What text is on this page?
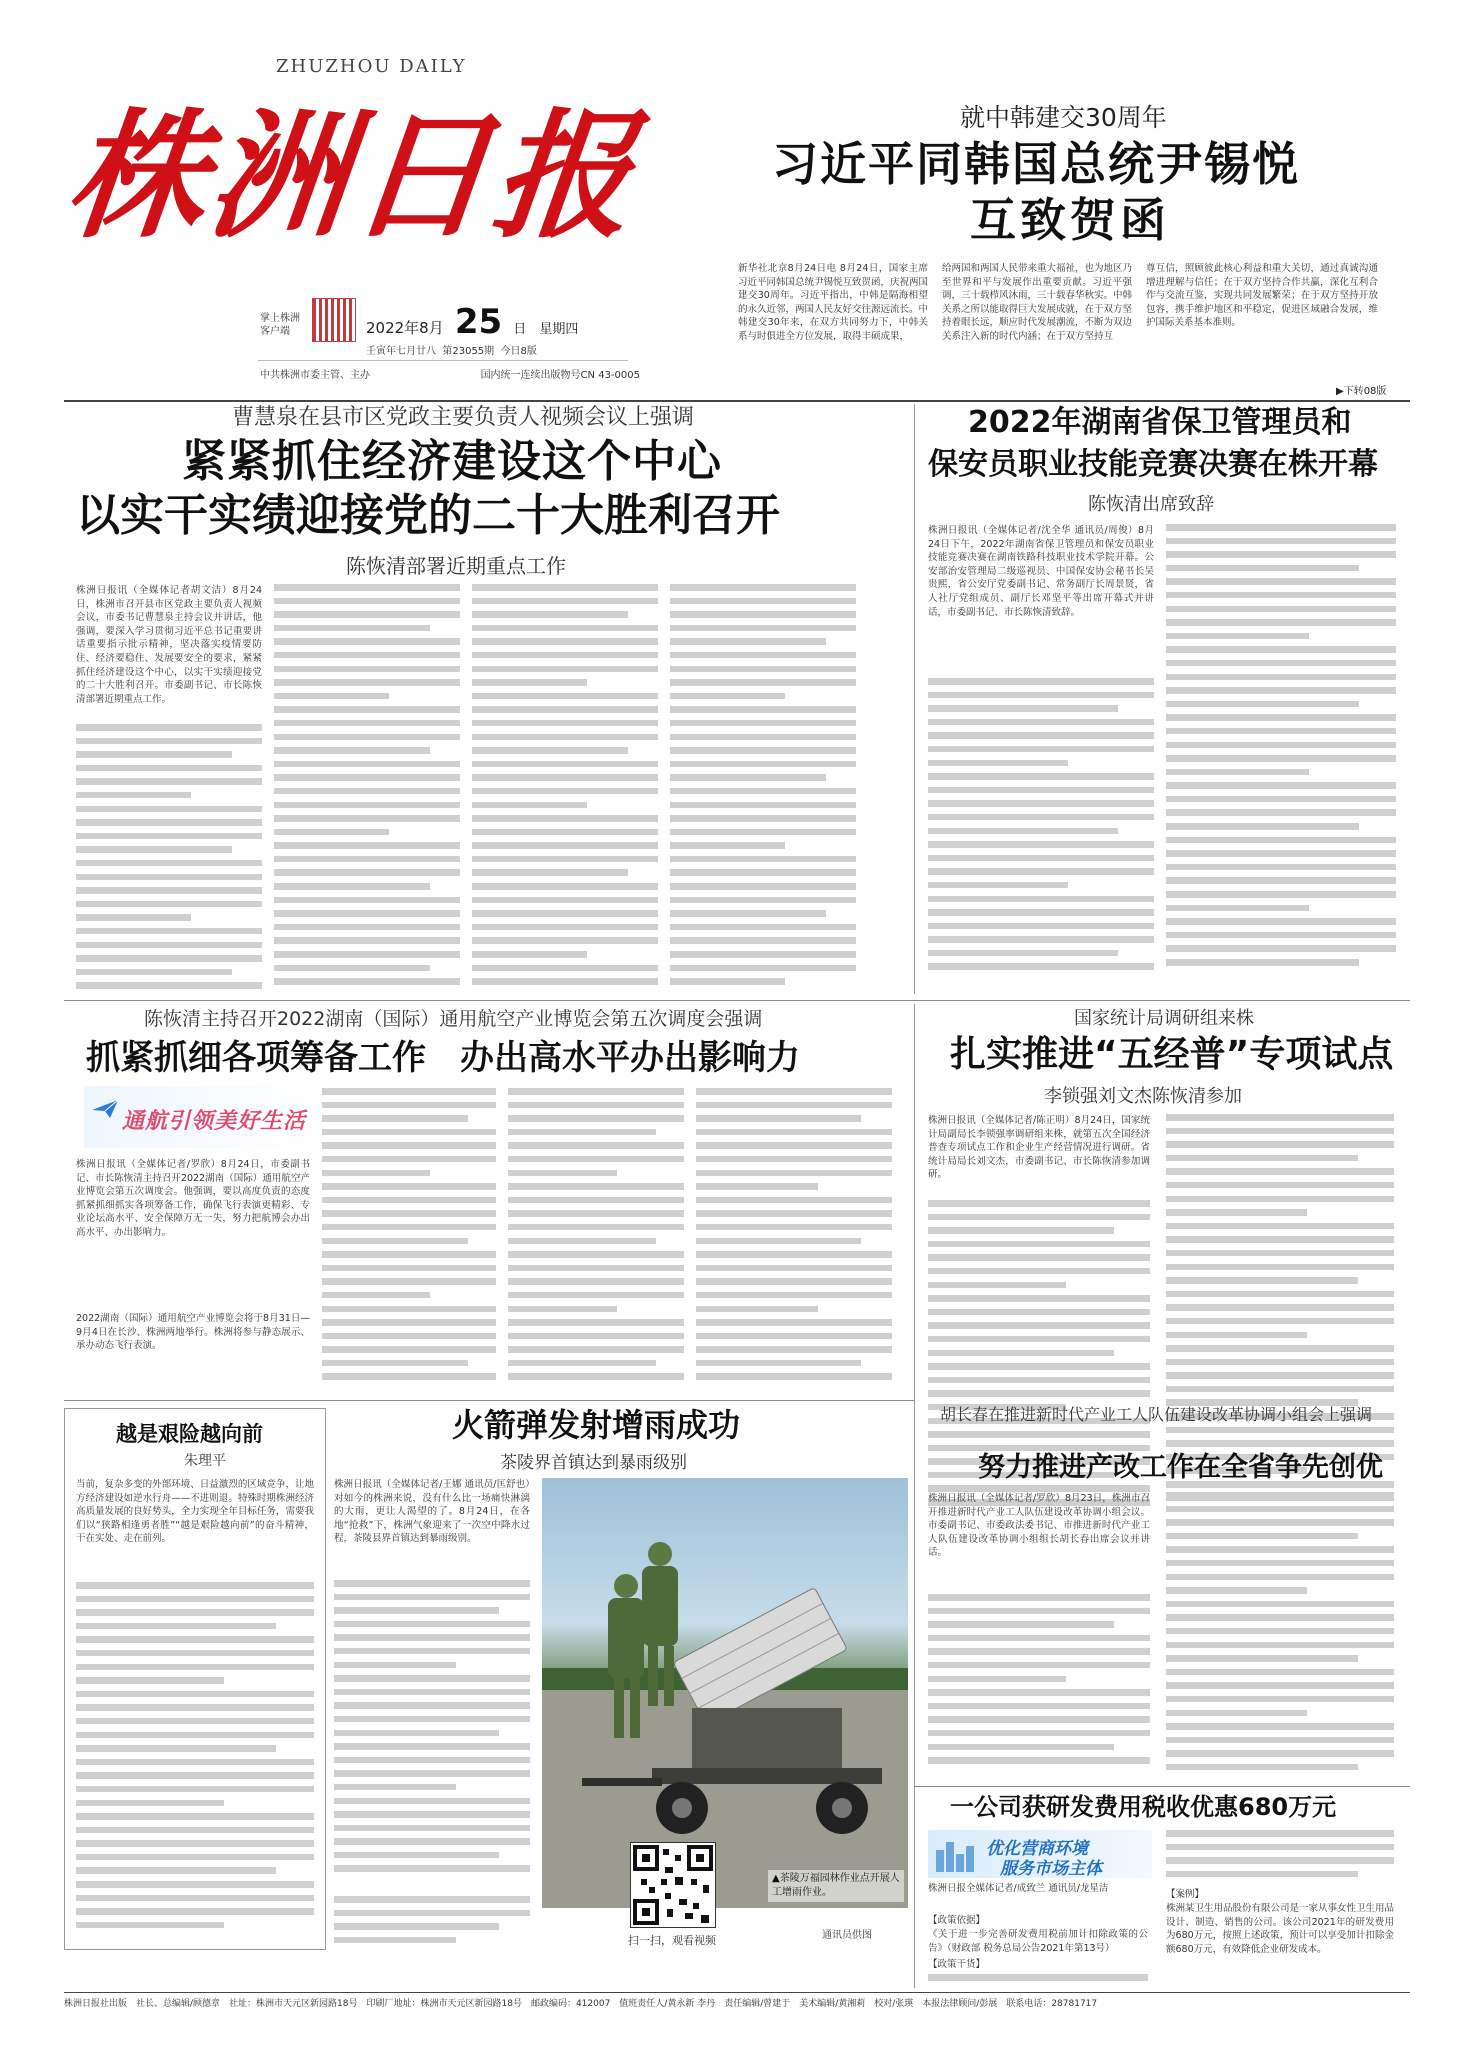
ZHUZHOU DAILY
株洲日报
掌上株洲
客户端	2022年8月 25 日 星期四
壬寅年七月廿八 第23055期 今日8版
中共株洲市委主管、主办	国内统一连续出版物号CN 43-0005
就中韩建交30周年
习近平同韩国总统尹锡悦
互致贺函
新华社北京8月24日电 8月24日，国家主席习近平同韩国总统尹锡悦互致贺函，庆祝两国建交30周年。习近平指出，中韩是隔海相望的永久近邻，两国人民友好交往源远流长。中韩建交30年来，在双方共同努力下，中韩关系与时俱进全方位发展，取得丰硕成果，
给两国和两国人民带来重大福祉，也为地区乃至世界和平与发展作出重要贡献。习近平强调，三十载栉风沐雨，三十载春华秋实。中韩关系之所以能取得巨大发展成就，在于双方坚持着眼长远，顺应时代发展潮流，不断为双边关系注入新的时代内涵；在于双方坚持互
尊互信，照顾彼此核心利益和重大关切，通过真诚沟通增进理解与信任；在于双方坚持合作共赢，深化互利合作与交流互鉴，实现共同发展繁荣；在于双方坚持开放包容，携手维护地区和平稳定，促进区域融合发展，维护国际关系基本准则。
▶下转08版
曹慧泉在县市区党政主要负责人视频会议上强调
紧紧抓住经济建设这个中心
以实干实绩迎接党的二十大胜利召开
陈恢清部署近期重点工作
株洲日报讯（全媒体记者胡文洁）8月24日，株洲市召开县市区党政主要负责人视频会议，市委书记曹慧泉主持会议并讲话，他强调，要深入学习贯彻习近平总书记重要讲话重要指示批示精神，坚决落实疫情要防住、经济要稳住、发展要安全的要求，紧紧抓住经济建设这个中心，以实干实绩迎接党的二十大胜利召开。市委副书记、市长陈恢清部署近期重点工作。
2022年湖南省保卫管理员和
保安员职业技能竞赛决赛在株开幕
陈恢清出席致辞
株洲日报讯（全媒体记者/沈全华 通讯员/周俊）8月24日下午，2022年湖南省保卫管理员和保安员职业技能竞赛决赛在湖南铁路科技职业技术学院开幕。公安部治安管理局二级巡视员、中国保安协会秘书长吴贵熙，省公安厅党委副书记、常务副厅长周景贤，省人社厅党组成员、副厅长邓坚平等出席开幕式并讲话，市委副书记、市长陈恢清致辞。
国家统计局调研组来株
扎实推进“五经普”专项试点
李锁强刘文杰陈恢清参加
株洲日报讯（全媒体记者/陈正明）8月24日，国家统计局副局长李锁强率调研组来株，就第五次全国经济普查专项试点工作和企业生产经营情况进行调研。省统计局局长刘文杰，市委副书记、市长陈恢清参加调研。
陈恢清主持召开2022湖南（国际）通用航空产业博览会第五次调度会强调
抓紧抓细各项筹备工作　办出高水平办出影响力
通航引领美好生活
株洲日报讯（全媒体记者/罗欣）8月24日，市委副书记、市长陈恢清主持召开2022湖南（国际）通用航空产业博览会第五次调度会。他强调，要以高度负责的态度抓紧抓细抓实各项筹备工作，确保飞行表演更精彩、专业论坛高水平、安全保障万无一失，努力把航博会办出高水平、办出影响力。
2022湖南（国际）通用航空产业博览会将于8月31日—9月4日在长沙、株洲两地举行。株洲将参与静态展示、承办动态飞行表演。
越是艰险越向前
朱理平
当前，复杂多变的外部环境、日益激烈的区域竞争，让地方经济建设如逆水行舟——不进则退。特殊时期株洲经济高质量发展的良好势头，全力实现全年目标任务，需要我们以“狭路相逢勇者胜”“越是艰险越向前”的奋斗精神，干在实处、走在前列。
火箭弹发射增雨成功
茶陵界首镇达到暴雨级别
株洲日报讯（全媒体记者/王娜 通讯员/匡舒也）对如今的株洲来说，没有什么比一场痛快淋漓的大雨，更让人渴望的了。8月24日，在各地“抢救”下，株洲气象迎来了一次空中降水过程，茶陵县界首镇达到暴雨级别。
▲茶陵万福园林作业点开展人工增雨作业。
通讯员供图
扫一扫，观看视频
胡长春在推进新时代产业工人队伍建设改革协调小组会上强调
努力推进产改工作在全省争先创优
株洲日报讯（全媒体记者/罗欣）8月23日，株洲市召开推进新时代产业工人队伍建设改革协调小组会议。市委副书记、市委政法委书记、市推进新时代产业工人队伍建设改革协调小组组长胡长春出席会议并讲话。
一公司获研发费用税收优惠680万元
优化营商环境
服务市场主体
株洲日报全媒体记者/成致兰 通讯员/龙星洁
【政策依据】
《关于进一步完善研发费用税前加计扣除政策的公告》（财政部 税务总局公告2021年第13号）
【政策干货】
【案例】
株洲某卫生用品股份有限公司是一家从事女性卫生用品设计、制造、销售的公司。该公司2021年的研发费用为680万元，按照上述政策，预计可以享受加计扣除金额680万元，有效降低企业研发成本。
株洲日报社出版　社长、总编辑/顾德章　社址：株洲市天元区新园路18号　印刷厂地址：株洲市天元区新园路18号　邮政编码：412007　值班责任人/黄永新 李丹　责任编辑/曾建于　美术编辑/黄湘莉　校对/张瑛　本报法律顾问/彭展　联系电话：28781717
